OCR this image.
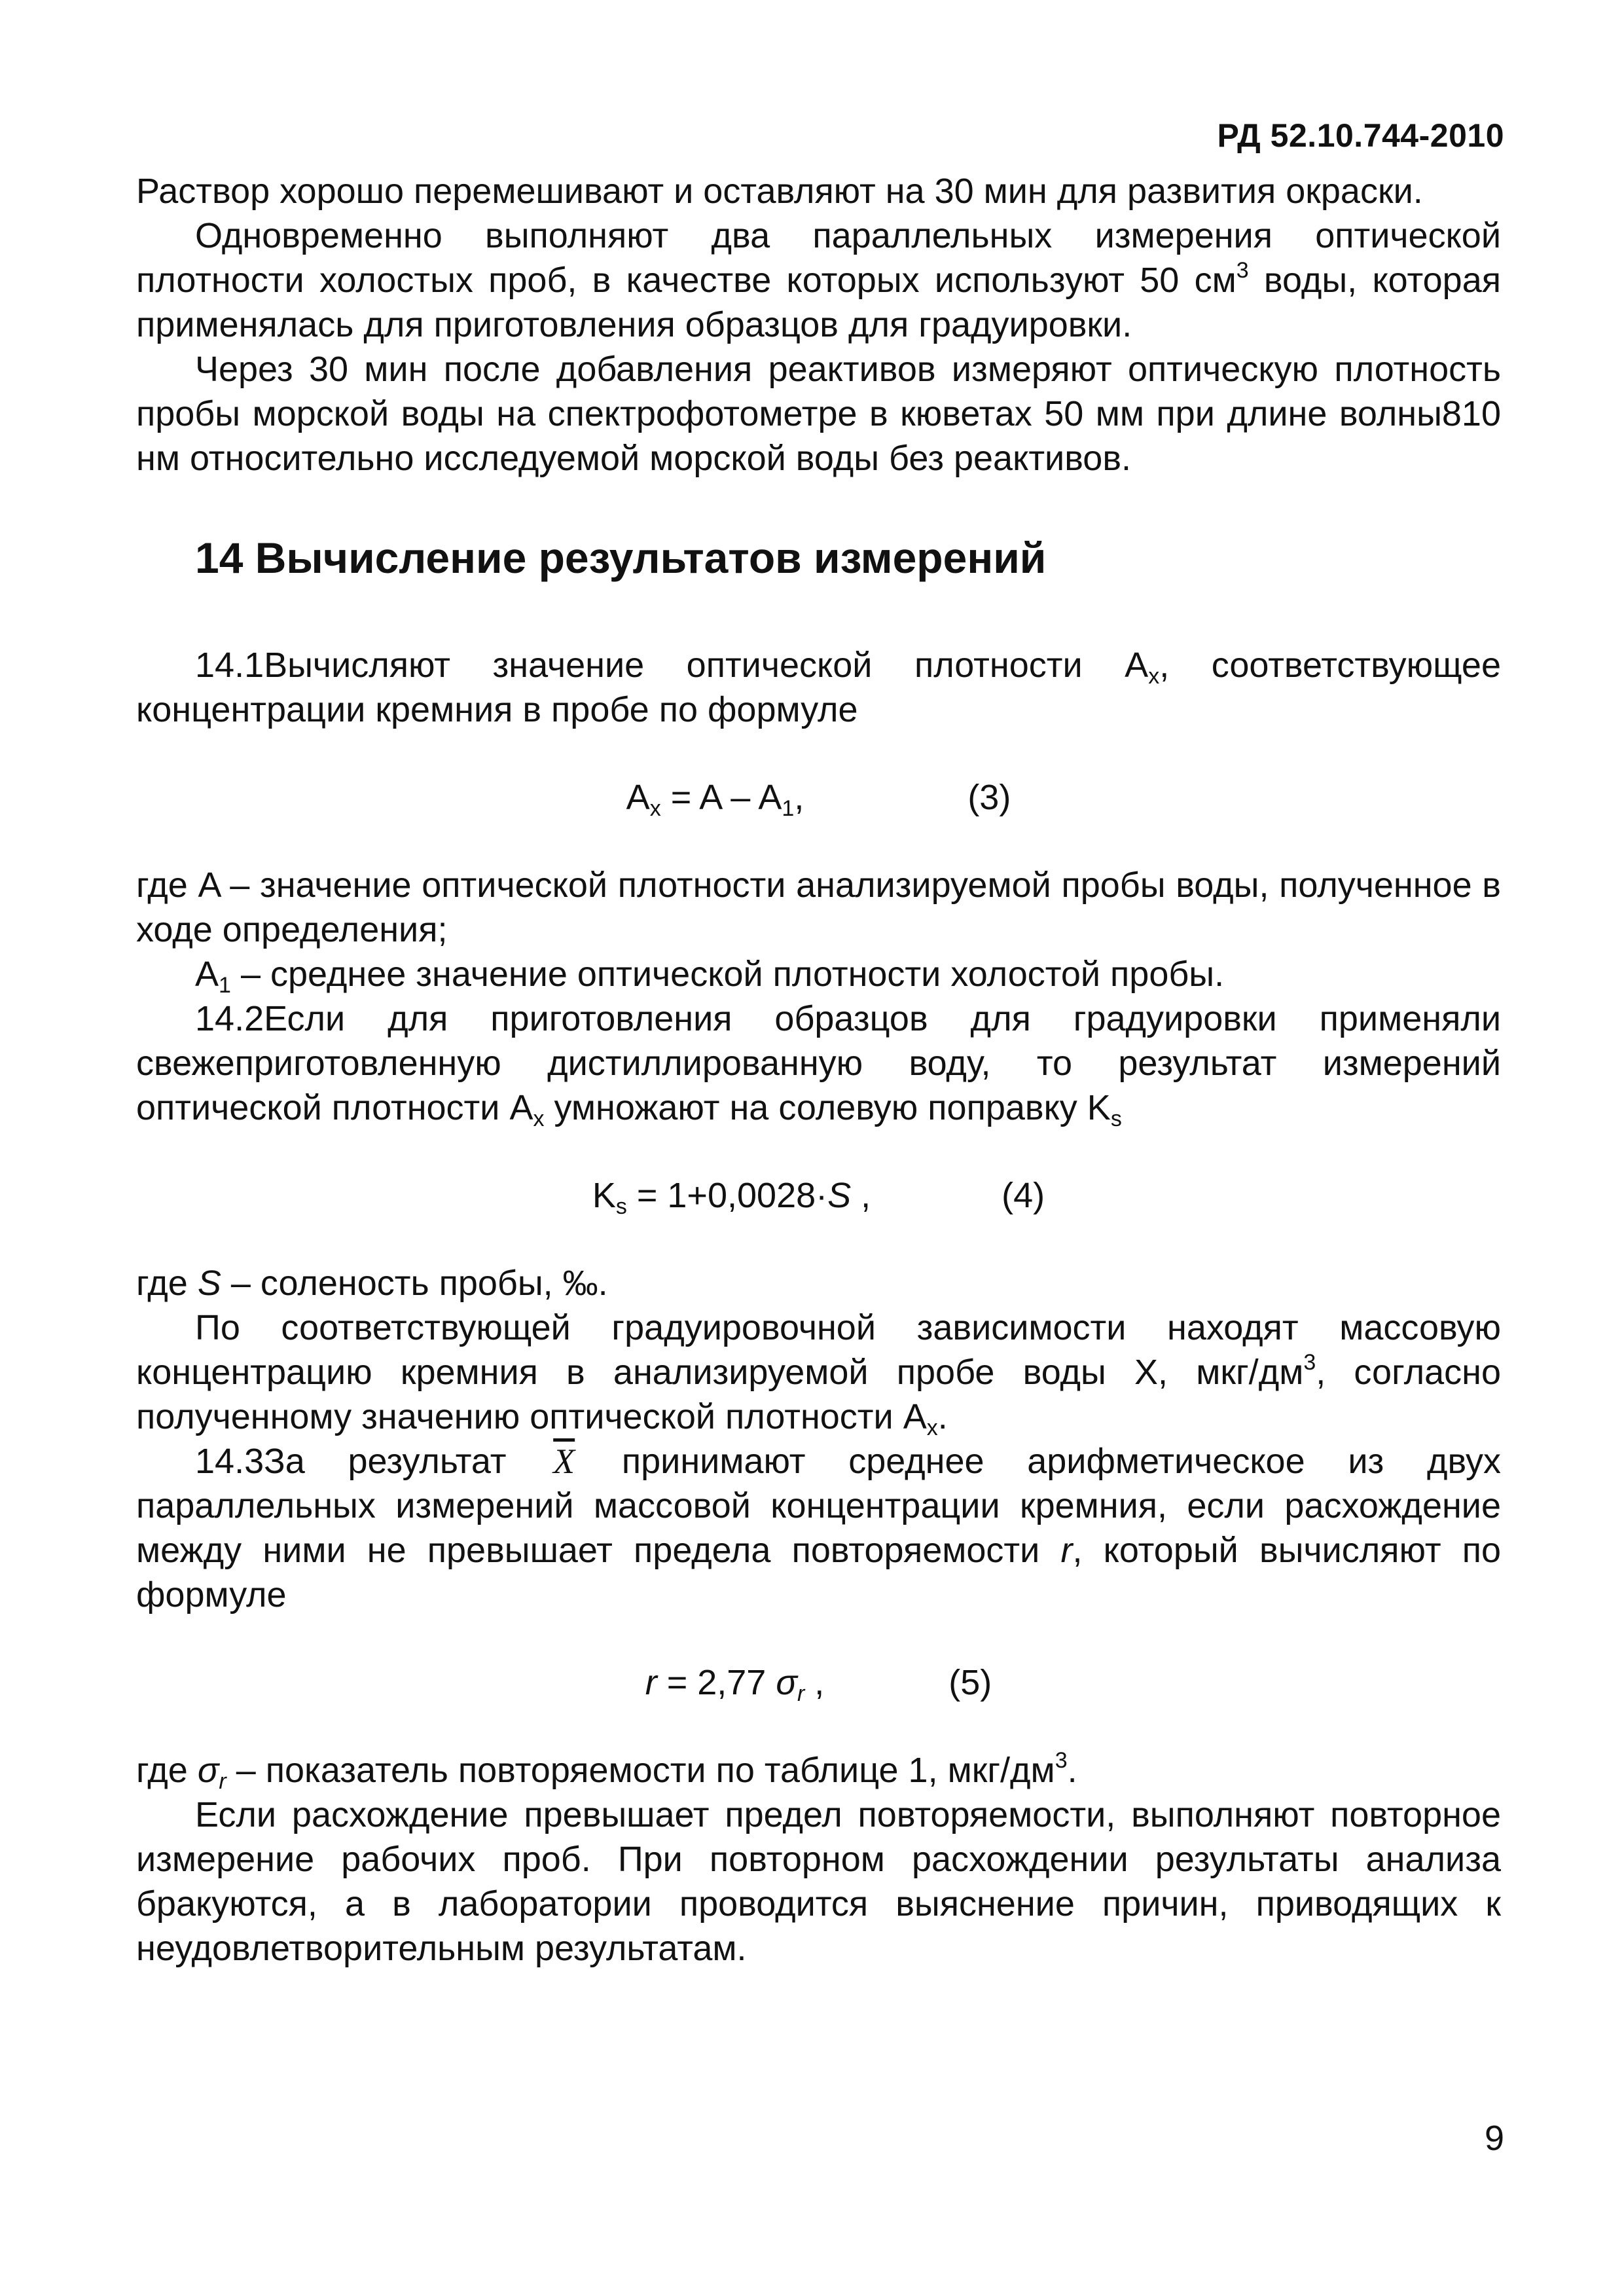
РД 52.10.744-2010

Раствор хорошо перемешивают и оставляют на 30 мин для развития окраски.

Одновременно выполняют два параллельных измерения оптической плотности холостых проб, в качестве которых используют 50 $см^3$ воды, которая применялась для приготовления образцов для градуировки.

Через 30 мин после добавления реактивов измеряют оптическую плотность пробы морской воды на спектрофотометре в кюветах 50 мм при длине волны810 нм относительно исследуемой морской воды без реактивов.

14 Вычисление результатов измерений

14.1Вычисляют значение оптической плотности $A_x$, соответствующее концентрации кремния в пробе по формуле

$A_x = A - A_1$,	(3)

где A – значение оптической плотности анализируемой пробы воды, полученное в ходе определения;

$A_1$ – среднее значение оптической плотности холостой пробы.

14.2Если для приготовления образцов для градуировки применяли свежеприготовленную дистиллированную воду, то результат измерений оптической плотности $A_x$ умножают на солевую поправку $K_s$

$K_s = 1+0,0028\cdot S$ ,	(4)

где S – соленость пробы, ‰.

По соответствующей градуировочной зависимости находят массовую концентрацию кремния в анализируемой пробе воды X, мкг/$дм^3$, согласно полученному значению оптической плотности $A_x$.

14.3За результат $\overline{X}$ принимают среднее арифметическое из двух параллельных измерений массовой концентрации кремния, если расхождение между ними не превышает предела повторяемости r, который вычисляют по формуле

r = 2,77 $\sigma_r$ ,	(5)

где $\sigma_r$ – показатель повторяемости по таблице 1, мкг/$дм^3$.

Если расхождение превышает предел повторяемости, выполняют повторное измерение рабочих проб. При повторном расхождении результаты анализа бракуются, а в лаборатории проводится выяснение причин, приводящих к неудовлетворительным результатам.

9
